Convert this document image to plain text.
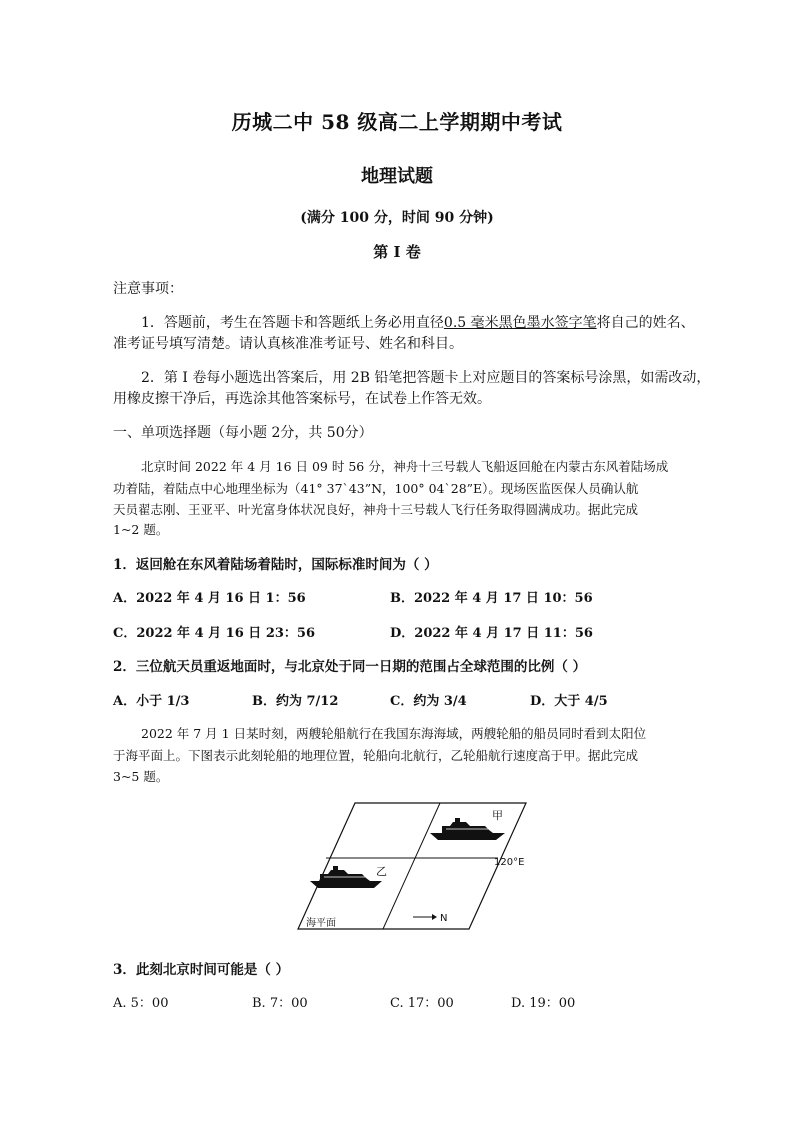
历城二中 58 级高二上学期期中考试
地理试题
(满分 100 分，时间 90 分钟)
第 I 卷
注意事项：
1．答题前，考生在答题卡和答题纸上务必用直径0.5 毫米黑色墨水签字笔将自己的姓名、
准考证号填写清楚。请认真核准准考证号、姓名和科目。
2．第 I 卷每小题选出答案后，用 2B 铅笔把答题卡上对应题目的答案标号涂黑，如需改动，
用橡皮擦干净后，再选涂其他答案标号，在试卷上作答无效。
一、单项选择题（每小题 2分，共 50分）
北京时间 2022 年 4 月 16 日 09 时 56 分，神舟十三号载人飞船返回舱在内蒙古东风着陆场成
功着陆，着陆点中心地理坐标为（41° 37`43”N，100° 04`28”E）。现场医监医保人员确认航
天员翟志刚、王亚平、叶光富身体状况良好，神舟十三号载人飞行任务取得圆满成功。据此完成
1~2 题。
1．返回舱在东风着陆场着陆时，国际标准时间为（ ）
A．2022 年 4 月 16 日 1：56	B．2022 年 4 月 17 日 10：56
C．2022 年 4 月 16 日 23：56	D．2022 年 4 月 17 日 11：56
2．三位航天员重返地面时，与北京处于同一日期的范围占全球范围的比例（ ）
A．小于 1/3	B．约为 7/12	C．约为 3/4	D．大于 4/5
2022 年 7 月 1 日某时刻，两艘轮船航行在我国东海海域，两艘轮船的船员同时看到太阳位
于海平面上。下图表示此刻轮船的地理位置，轮船向北航行，乙轮船航行速度高于甲。据此完成
3~5 题。
甲
乙
120°E
海平面	N
3．此刻北京时间可能是（ ）
A. 5：00	B. 7：00	C. 17：00	D. 19：00
